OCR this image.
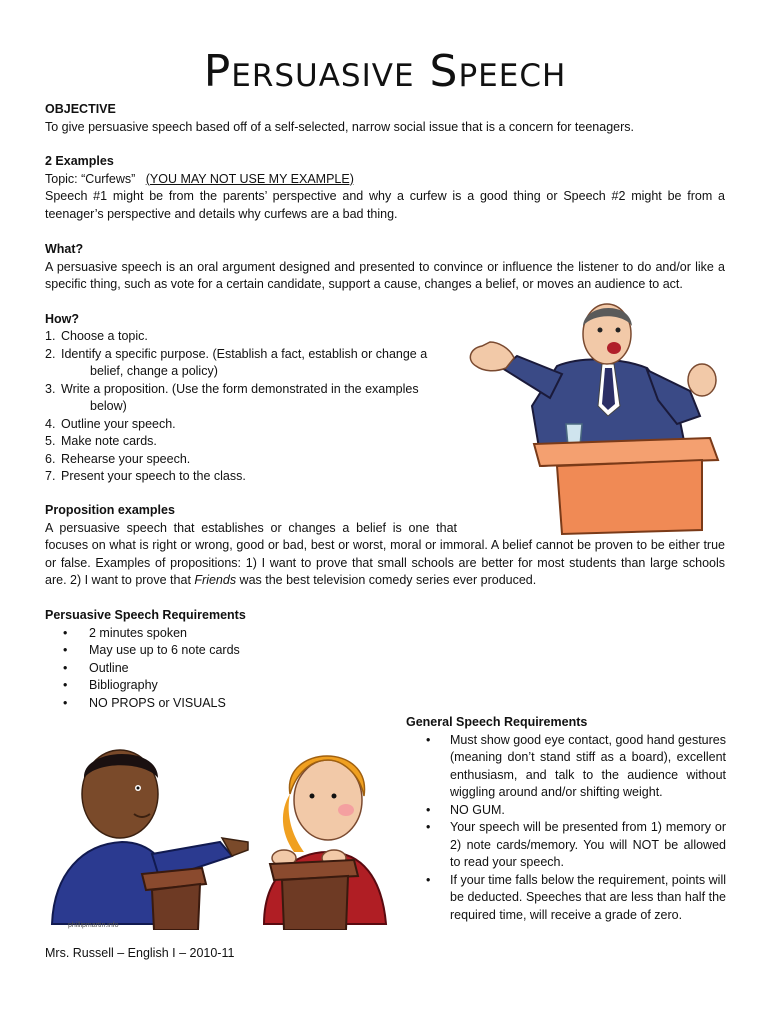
Persuasive Speech
OBJECTIVE
To give persuasive speech based off of a self-selected, narrow social issue that is a concern for teenagers.
2 Examples
Topic: “Curfews” (YOU MAY NOT USE MY EXAMPLE)
Speech #1 might be from the parents’ perspective and why a curfew is a good thing or Speech #2 might be from a teenager’s perspective and details why curfews are a bad thing.
What?
A persuasive speech is an oral argument designed and presented to convince or influence the listener to do and/or like a specific thing, such as vote for a certain candidate, support a cause, changes a belief, or moves an audience to act.
How?
1. Choose a topic.
2. Identify a specific purpose. (Establish a fact, establish or change a
belief, change a policy)
3. Write a proposition. (Use the form demonstrated in the examples
below)
4. Outline your speech.
5. Make note cards.
6. Rehearse your speech.
7. Present your speech to the class.
Proposition examples
A persuasive speech that establishes or changes a belief is one that
focuses on what is right or wrong, good or bad, best or worst, moral or immoral. A belief cannot be proven to be either true or false. Examples of propositions: 1) I want to prove that small schools are better for most students than large schools are. 2) I want to prove that Friends was the best television comedy series ever produced.
Persuasive Speech Requirements
• 2 minutes spoken
• May use up to 6 note cards
• Outline
• Bibliography
• NO PROPS or VISUALS
General Speech Requirements
• Must show good eye contact, good hand gestures (meaning don’t stand stiff as a board), excellent enthusiasm, and talk to the audience without wiggling around and/or shifting weight.
• NO GUM.
• Your speech will be presented from 1) memory or 2) note cards/memory. You will NOT be allowed to read your speech.
• If your time falls below the requirement, points will be deducted. Speeches that are less than half the required time, will receive a grade of zero.
phillipmartin.info
Mrs. Russell – English I – 2010-11
